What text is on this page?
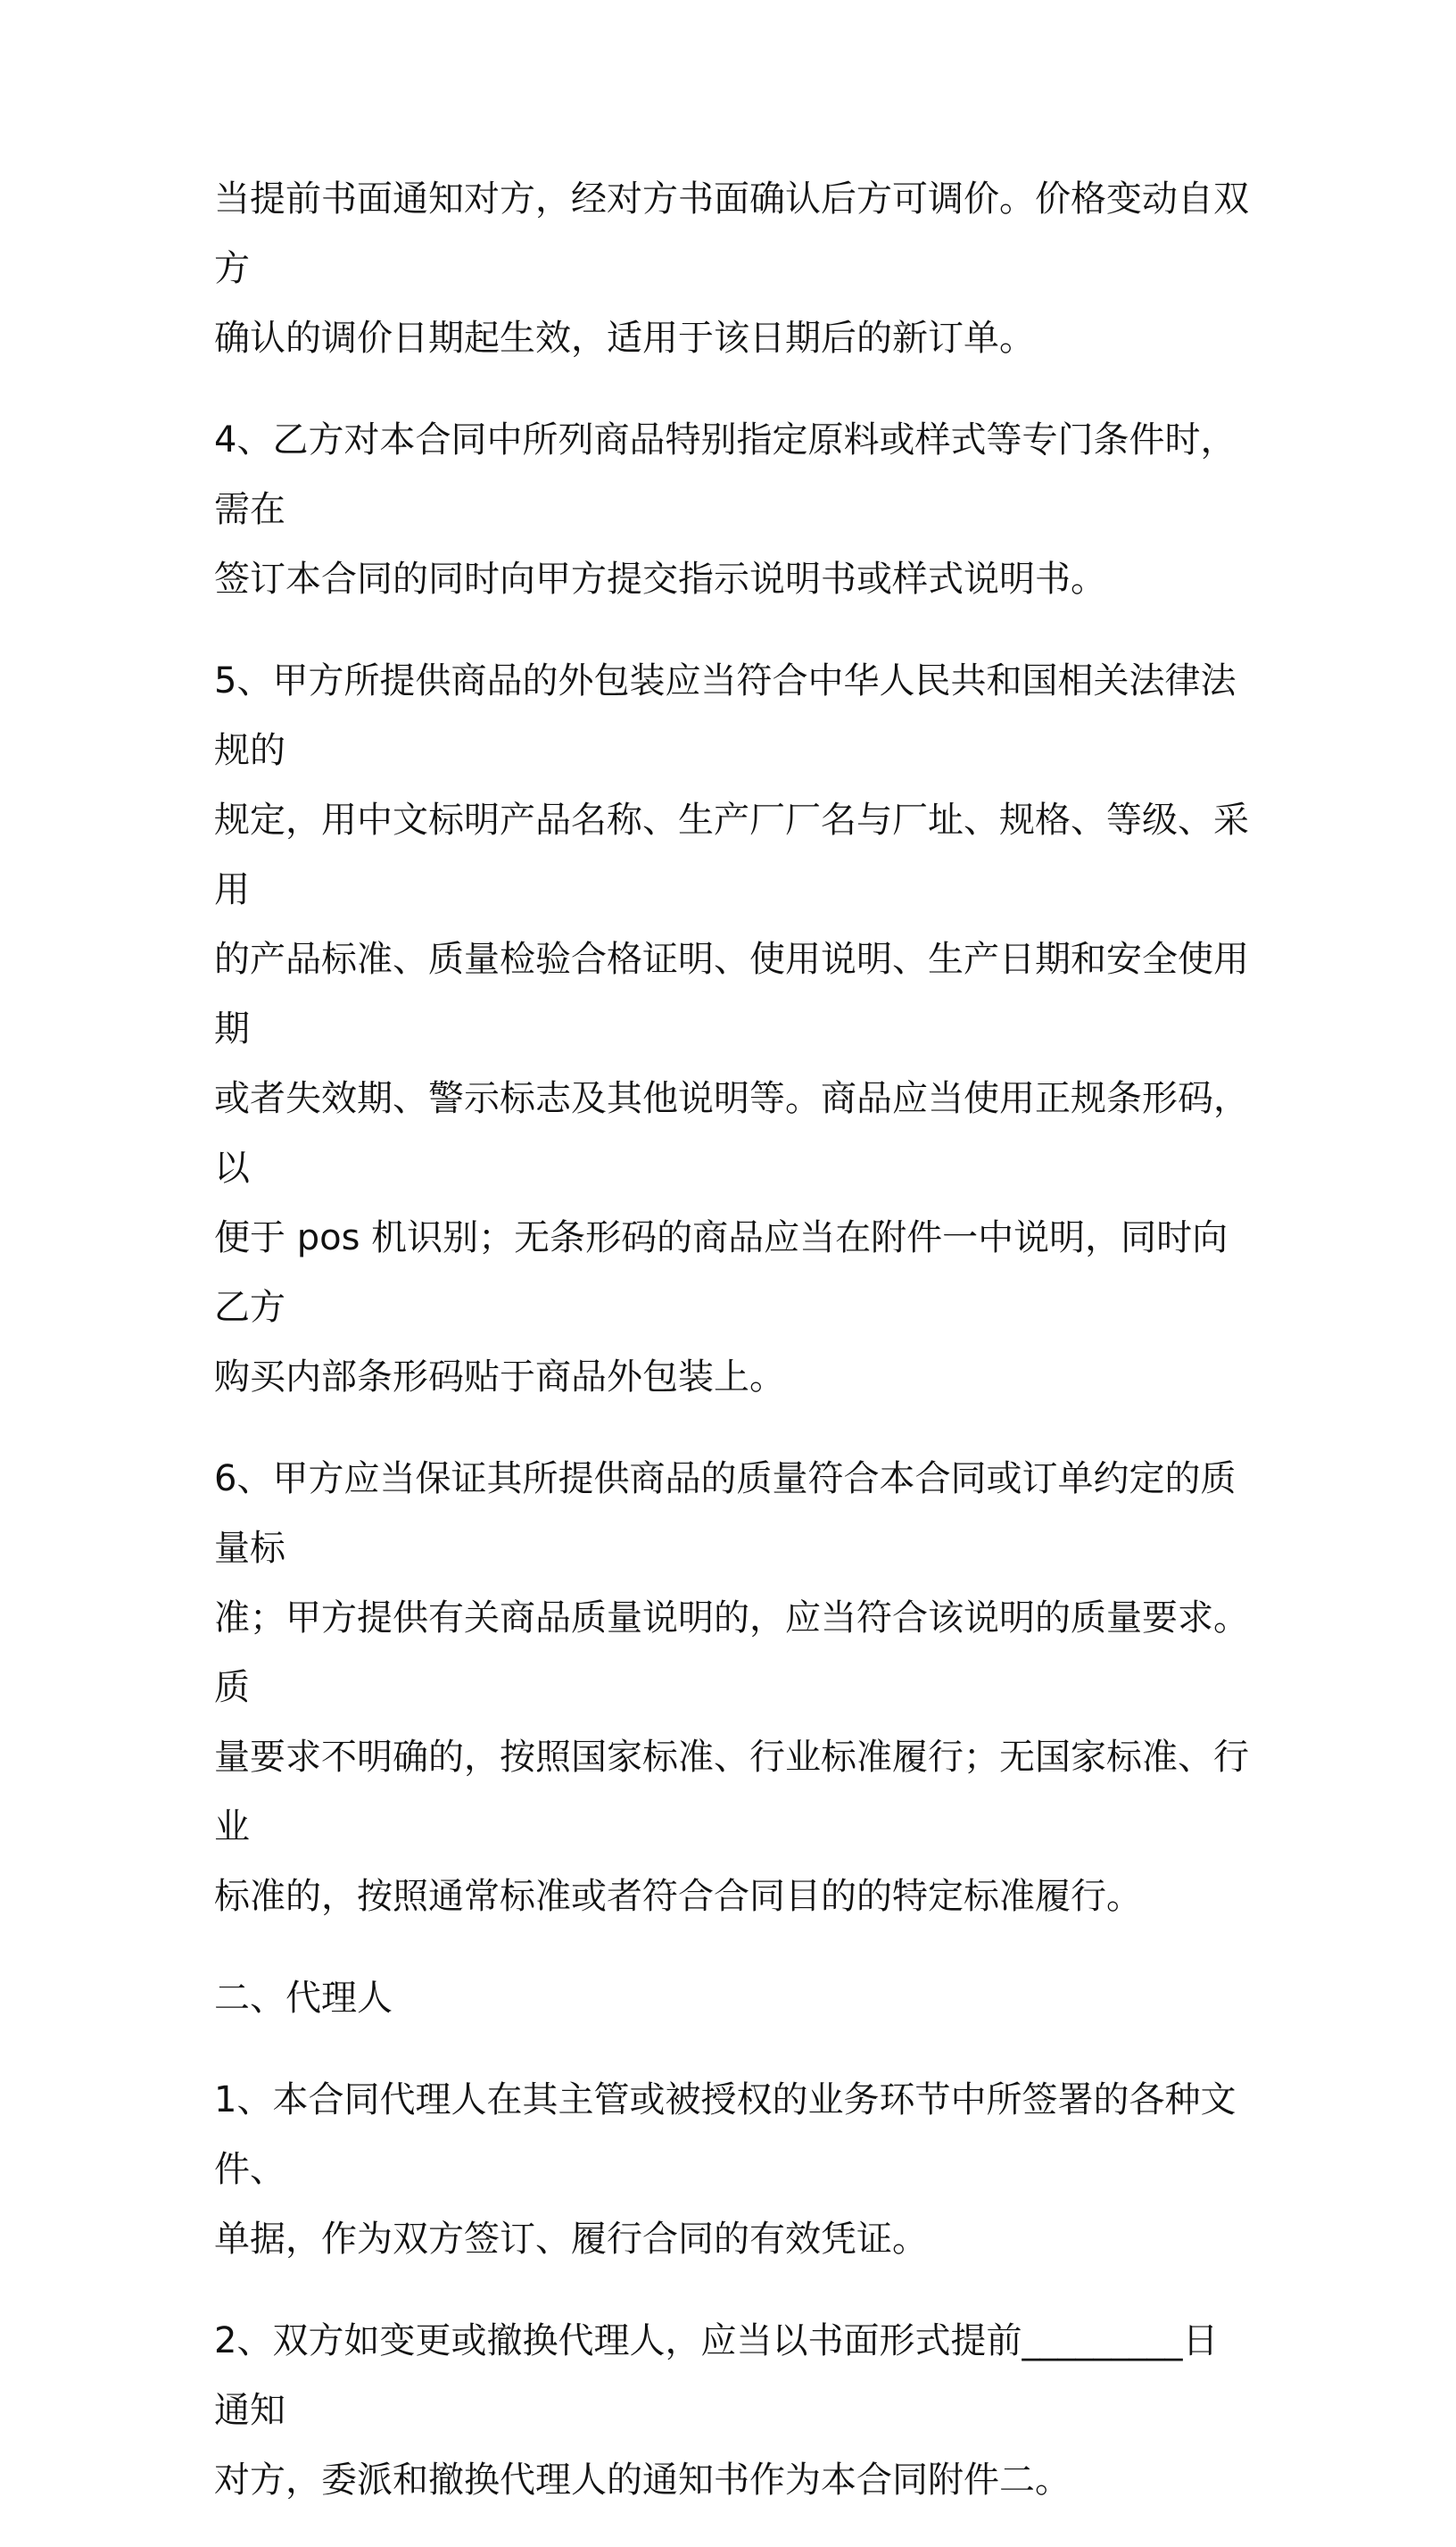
当提前书面通知对方，经对方书面确认后方可调价。价格变动自双方
确认的调价日期起生效，适用于该日期后的新订单。

4、乙方对本合同中所列商品特别指定原料或样式等专门条件时，需在
签订本合同的同时向甲方提交指示说明书或样式说明书。

5、甲方所提供商品的外包装应当符合中华人民共和国相关法律法规的
规定，用中文标明产品名称、生产厂厂名与厂址、规格、等级、采用
的产品标准、质量检验合格证明、使用说明、生产日期和安全使用期
或者失效期、警示标志及其他说明等。商品应当使用正规条形码，以
便于 pos 机识别；无条形码的商品应当在附件一中说明，同时向乙方
购买内部条形码贴于商品外包装上。

6、甲方应当保证其所提供商品的质量符合本合同或订单约定的质量标
准；甲方提供有关商品质量说明的，应当符合该说明的质量要求。质
量要求不明确的，按照国家标准、行业标准履行；无国家标准、行业
标准的，按照通常标准或者符合合同目的的特定标准履行。

二、代理人

1、本合同代理人在其主管或被授权的业务环节中所签署的各种文件、
单据，作为双方签订、履行合同的有效凭证。

2、双方如变更或撤换代理人，应当以书面形式提前_________日通知
对方，委派和撤换代理人的通知书作为本合同附件二。
